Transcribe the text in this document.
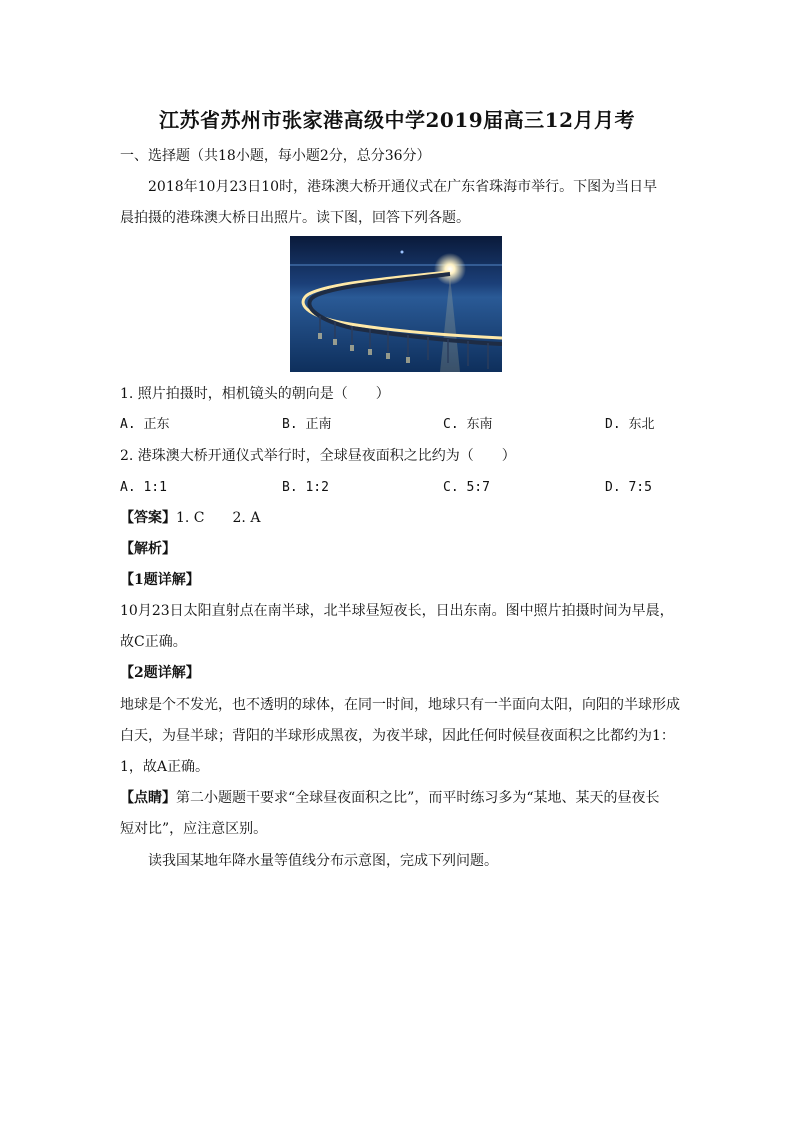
江苏省苏州市张家港高级中学2019届高三12月月考
一、选择题（共18小题，每小题2分，总分36分）
2018年10月23日10时，港珠澳大桥开通仪式在广东省珠海市举行。下图为当日早
晨拍摄的港珠澳大桥日出照片。读下图，回答下列各题。
1. 照片拍摄时，相机镜头的朝向是（　　）
A. 正东	B. 正南	C. 东南	D. 东北
2. 港珠澳大桥开通仪式举行时，全球昼夜面积之比约为（　　）
A. 1:1	B. 1:2	C. 5:7	D. 7:5
【答案】1. C　　2. A
【解析】
【1题详解】
10月23日太阳直射点在南半球，北半球昼短夜长，日出东南。图中照片拍摄时间为早晨，
故C正确。
【2题详解】
地球是个不发光，也不透明的球体，在同一时间，地球只有一半面向太阳，向阳的半球形成
白天，为昼半球；背阳的半球形成黑夜，为夜半球，因此任何时候昼夜面积之比都约为1：
1，故A正确。
【点睛】第二小题题干要求“全球昼夜面积之比”，而平时练习多为“某地、某天的昼夜长
短对比”，应注意区别。
读我国某地年降水量等值线分布示意图，完成下列问题。
